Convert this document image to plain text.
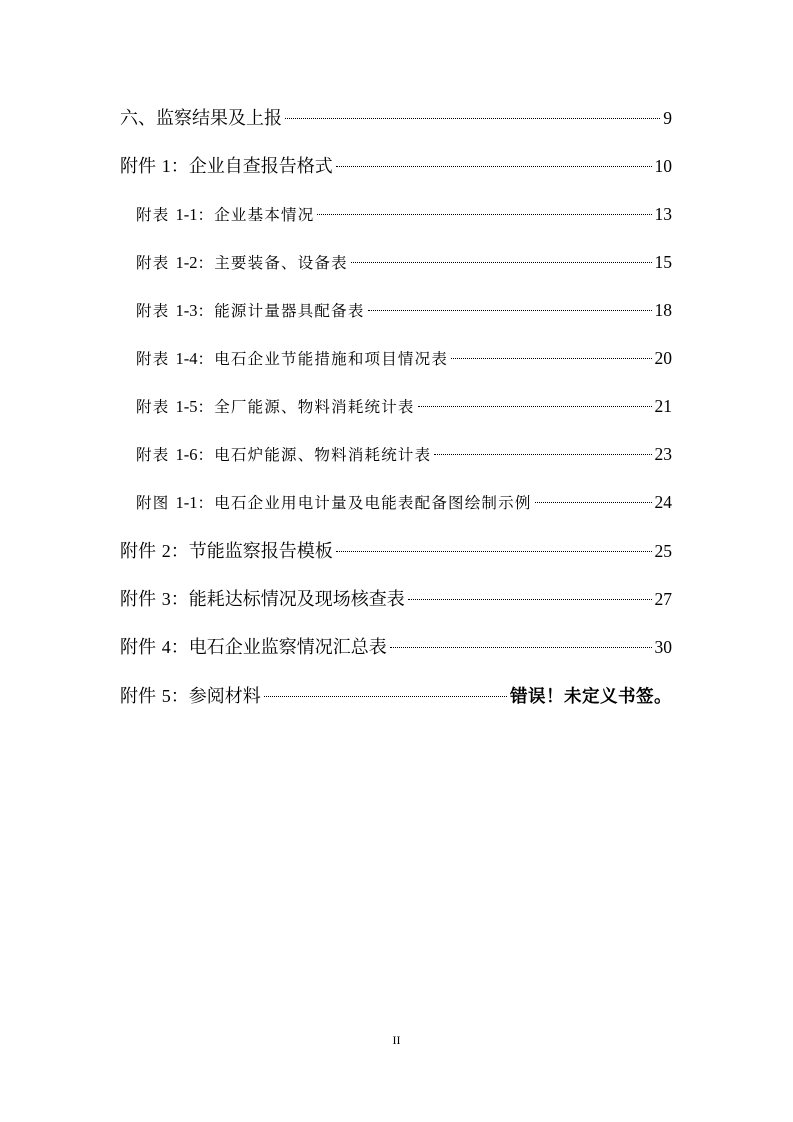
六、监察结果及上报	9
附件 1：企业自查报告格式	10
附表 1-1：企业基本情况	13
附表 1-2：主要装备、设备表	15
附表 1-3：能源计量器具配备表	18
附表 1-4：电石企业节能措施和项目情况表	20
附表 1-5：全厂能源、物料消耗统计表	21
附表 1-6：电石炉能源、物料消耗统计表	23
附图 1-1：电石企业用电计量及电能表配备图绘制示例	24
附件 2：节能监察报告模板	25
附件 3：能耗达标情况及现场核查表	27
附件 4：电石企业监察情况汇总表	30
附件 5：参阅材料	错误！未定义书签。
II
